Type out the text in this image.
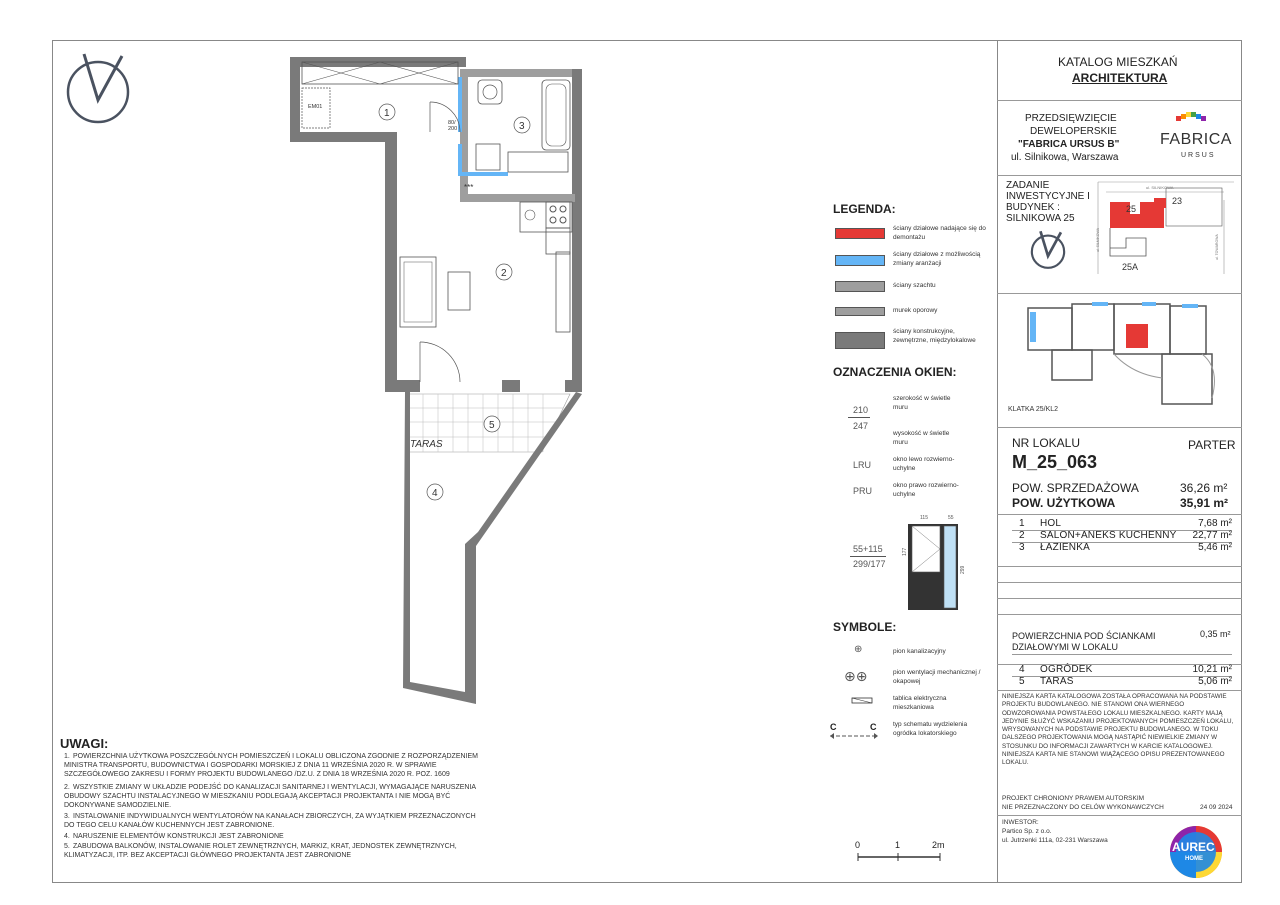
EM01
80/
200
***
TARAS
1
3
2
5
4
LEGENDA:
ściany działowe nadające się do demontażu
ściany działowe z możliwością zmiany aranżacji
ściany szachtu
murek oporowy
ściany konstrukcyjne, zewnętrzne, międzylokalowe
OZNACZENIA OKIEN:
210
247
szerokość w świetle muru
wysokość w świetle muru
LRU
okno lewo rozwierno-uchylne
PRU
okno prawo rozwierno-uchylne
55+115
299/177
115	55
177
299
SYMBOLE:
⊕	pion kanalizacyjny
⊕⊕	pion wentylacji mechanicznej / okapowej
tablica elektryczna mieszkaniowa
C	C	typ schematu wydzielenia ogródka lokatorskiego
UWAGI:
1. POWIERZCHNIA UŻYTKOWA POSZCZEGÓLNYCH POMIESZCZEŃ I LOKALU OBLICZONA ZGODNIE Z ROZPORZĄDZENIEM MINISTRA TRANSPORTU, BUDOWNICTWA I GOSPODARKI MORSKIEJ Z DNIA 11 WRZEŚNIA 2020 R. W SPRAWIE SZCZEGÓŁOWEGO ZAKRESU I FORMY PROJEKTU BUDOWLANEGO /DZ.U. Z DNIA 18 WRZEŚNIA 2020 R. POZ. 1609
2. WSZYSTKIE ZMIANY W UKŁADZIE PODEJŚĆ DO KANALIZACJI SANITARNEJ I WENTYLACJI, WYMAGAJĄCE NARUSZENIA OBUDOWY SZACHTU INSTALACYJNEGO W MIESZKANIU PODLEGAJĄ AKCEPTACJI PROJEKTANTA I NIE MOGĄ BYĆ DOKONYWANE SAMODZIELNIE.
3. INSTALOWANIE INDYWIDUALNYCH WENTYLATORÓW NA KANAŁACH ZBIORCZYCH, ZA WYJĄTKIEM PRZEZNACZONYCH DO TEGO CELU KANAŁÓW KUCHENNYCH JEST ZABRONIONE.
4. NARUSZENIE ELEMENTÓW KONSTRUKCJI JEST ZABRONIONE
5. ZABUDOWA BALKONÓW, INSTALOWANIE ROLET ZEWNĘTRZNYCH, MARKIZ, KRAT, JEDNOSTEK ZEWNĘTRZNYCH, KLIMATYZACJI, ITP. BEZ AKCEPTACJI GŁÓWNEGO PROJEKTANTA JEST ZABRONIONE
0	1	2m
KATALOG MIESZKAŃ
ARCHITEKTURA
PRZEDSIĘWZIĘCIE
DEWELOPERSKIE
"FABRICA URSUS B"
ul. Silnikowa, Warszawa
FABRICA
URSUS
ZADANIE
INWESTYCYJNE I
BUDYNEK :
SILNIKOWA 25
ul. SILNIKOWA
25
23
25A
ul. SILNIKOWA	ul. TOWAROWA
KLATKA 25/KL2
NR LOKALU	PARTER
M_25_063
POW. SPRZEDAŻOWA	36,26 m²
POW. UŻYTKOWA	35,91 m²
1 HOL	7,68 m²
2 SALON+ANEKS KUCHENNY 22,77 m²
3 ŁAZIENKA	5,46 m²
POWIERZCHNIA POD ŚCIANKAMI
DZIAŁOWYMI W LOKALU
0,35 m²
4 OGRÓDEK	10,21 m²
5 TARAS	5,06 m²
NINIEJSZA KARTA KATALOGOWA ZOSTAŁA OPRACOWANA NA PODSTAWIE PROJEKTU BUDOWLANEGO. NIE STANOWI ONA WIERNEGO ODWZOROWANIA POWSTAŁEGO LOKALU MIESZKALNEGO. KARTY MAJĄ JEDYNIE SŁUŻYĆ WSKAZANIU PROJEKTOWANYCH POMIESZCZEŃ LOKALU, WRYSOWANYCH NA PODSTAWIE PROJEKTU BUDOWLANEGO. W TOKU DALSZEGO PROJEKTOWANIA MOGĄ NASTĄPIĆ NIEWIELKIE ZMIANY W STOSUNKU DO INFORMACJI ZAWARTYCH W KARCIE KATALOGOWEJ. NINIEJSZA KARTA NIE STANOWI WIĄŻĄCEGO OPISU PREZENTOWANEGO LOKALU.
PROJEKT CHRONIONY PRAWEM AUTORSKIM
NIE PRZEZNACZONY DO CELÓW WYKONAWCZYCH	24 09 2024
INWESTOR:
Partico Sp. z o.o.
ul. Jutrzenki 111a, 02-231 Warszawa	AUREC
HOME
